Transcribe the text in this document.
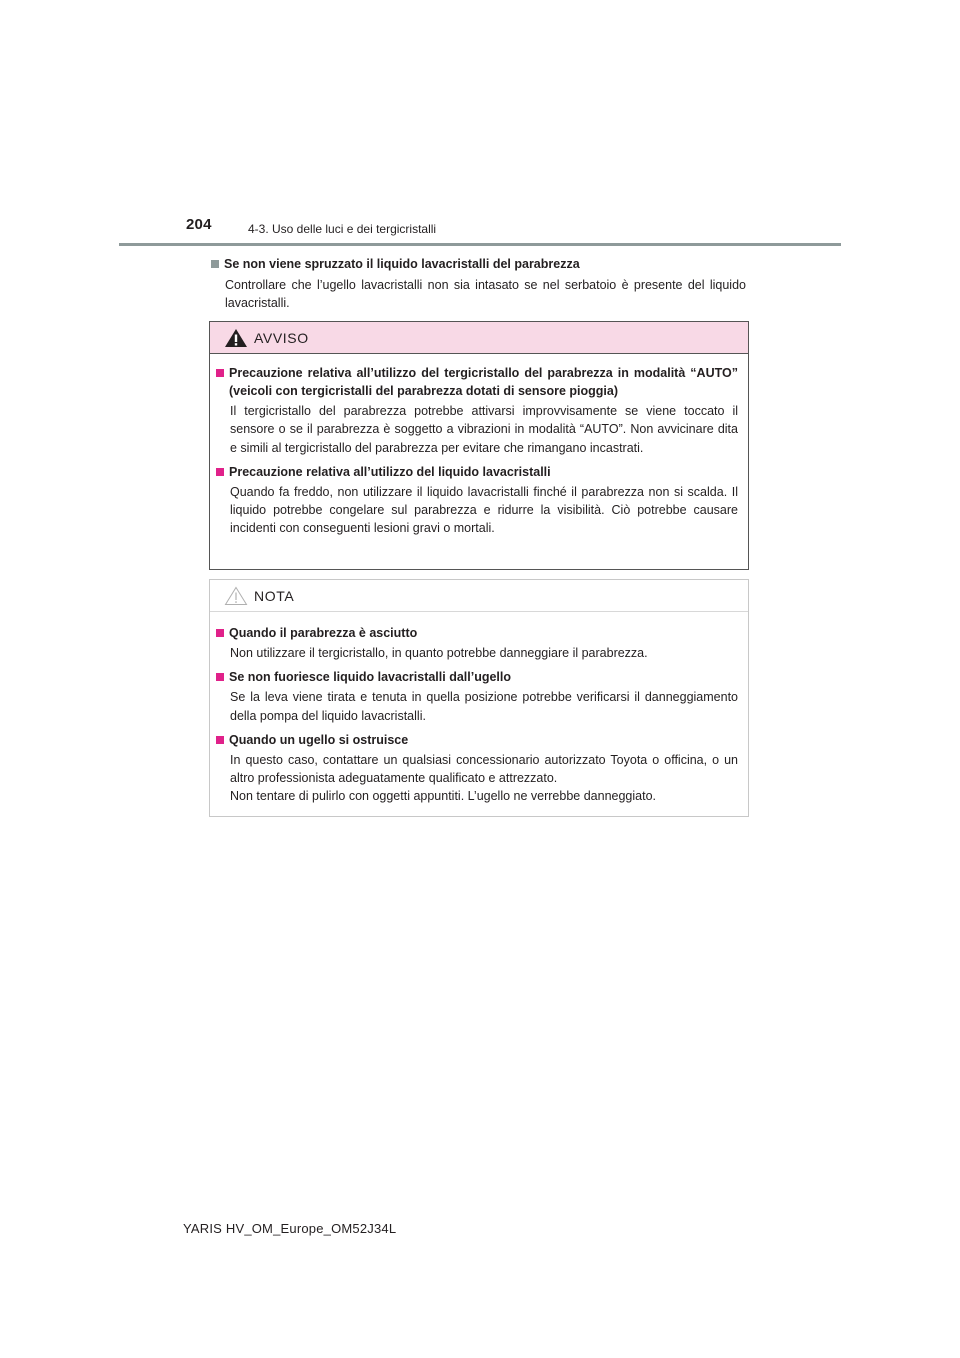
204	4-3. Uso delle luci e dei tergicristalli
Se non viene spruzzato il liquido lavacristalli del parabrezza
Controllare che l’ugello lavacristalli non sia intasato se nel serbatoio è presente del liquido lavacristalli.
AVVISO
Precauzione relativa all’utilizzo del tergicristallo del parabrezza in modalità “AUTO” (veicoli con tergicristalli del parabrezza dotati di sensore pioggia)
Il tergicristallo del parabrezza potrebbe attivarsi improvvisamente se viene toccato il sensore o se il parabrezza è soggetto a vibrazioni in modalità “AUTO”. Non avvicinare dita e simili al tergicristallo del parabrezza per evitare che rimangano incastrati.
Precauzione relativa all’utilizzo del liquido lavacristalli
Quando fa freddo, non utilizzare il liquido lavacristalli finché il parabrezza non si scalda. Il liquido potrebbe congelare sul parabrezza e ridurre la visibilità. Ciò potrebbe causare incidenti con conseguenti lesioni gravi o mortali.
NOTA
Quando il parabrezza è asciutto
Non utilizzare il tergicristallo, in quanto potrebbe danneggiare il parabrezza.
Se non fuoriesce liquido lavacristalli dall’ugello
Se la leva viene tirata e tenuta in quella posizione potrebbe verificarsi il danneggiamento della pompa del liquido lavacristalli.
Quando un ugello si ostruisce
In questo caso, contattare un qualsiasi concessionario autorizzato Toyota o officina, o un altro professionista adeguatamente qualificato e attrezzato.
Non tentare di pulirlo con oggetti appuntiti. L’ugello ne verrebbe danneggiato.
YARIS HV_OM_Europe_OM52J34L
